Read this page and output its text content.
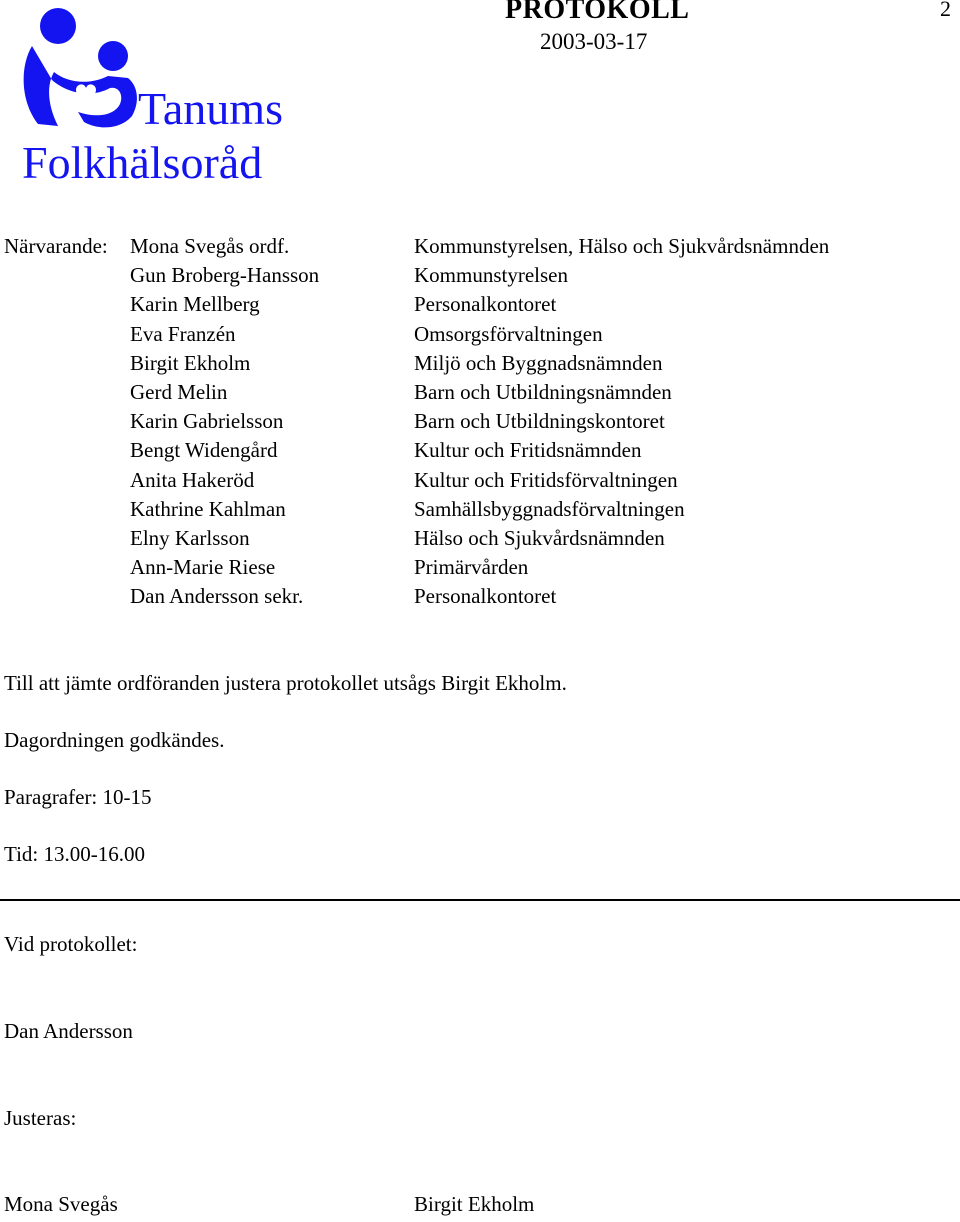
Tanums
Folkhälsoråd
PROTOKOLL
2003-03-17
2
Närvarande: Mona Svegås ordf.
Gun Broberg-Hansson
Karin Mellberg
Eva Franzén
Birgit Ekholm
Gerd Melin
Karin Gabrielsson
Bengt Widengård
Anita Hakeröd
Kathrine Kahlman
Elny Karlsson
Ann-Marie Riese
Dan Andersson sekr.
Kommunstyrelsen, Hälso och Sjukvårdsnämnden
Kommunstyrelsen
Personalkontoret
Omsorgsförvaltningen
Miljö och Byggnadsnämnden
Barn och Utbildningsnämnden
Barn och Utbildningskontoret
Kultur och Fritidsnämnden
Kultur och Fritidsförvaltningen
Samhällsbyggnadsförvaltningen
Hälso och Sjukvårdsnämnden
Primärvården
Personalkontoret
Till att jämte ordföranden justera protokollet utsågs Birgit Ekholm.
Dagordningen godkändes.
Paragrafer: 10-15
Tid: 13.00-16.00
Vid protokollet:
Dan Andersson
Justeras:
Mona Svegås	Birgit Ekholm
